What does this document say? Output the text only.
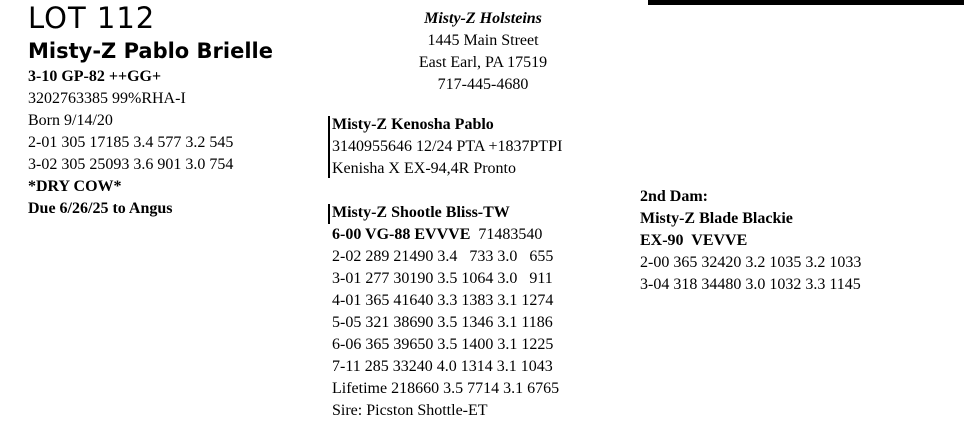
LOT 112
Misty-Z Pablo Brielle
3-10 GP-82 ++GG+
3202763385 99%RHA-I
Born 9/14/20
2-01 305 17185 3.4 577 3.2 545
3-02 305 25093 3.6 901 3.0 754
*DRY COW*
Due 6/26/25 to Angus
Misty-Z Holsteins
1445 Main Street
East Earl, PA 17519
717-445-4680
Misty-Z Kenosha Pablo
3140955646 12/24 PTA +1837PTPI
Kenisha X EX-94,4R Pronto
Misty-Z Shootle Bliss-TW
6-00 VG-88 EVVVE 71483540
2-02 289 21490 3.4   733 3.0   655
3-01 277 30190 3.5 1064 3.0   911
4-01 365 41640 3.3 1383 3.1 1274
5-05 321 38690 3.5 1346 3.1 1186
6-06 365 39650 3.5 1400 3.1 1225
7-11 285 33240 4.0 1314 3.1 1043
Lifetime 218660 3.5 7714 3.1 6765
Sire: Picston Shottle-ET
2nd Dam:
Misty-Z Blade Blackie
EX-90  VEVVE
2-00 365 32420 3.2 1035 3.2 1033
3-04 318 34480 3.0 1032 3.3 1145
